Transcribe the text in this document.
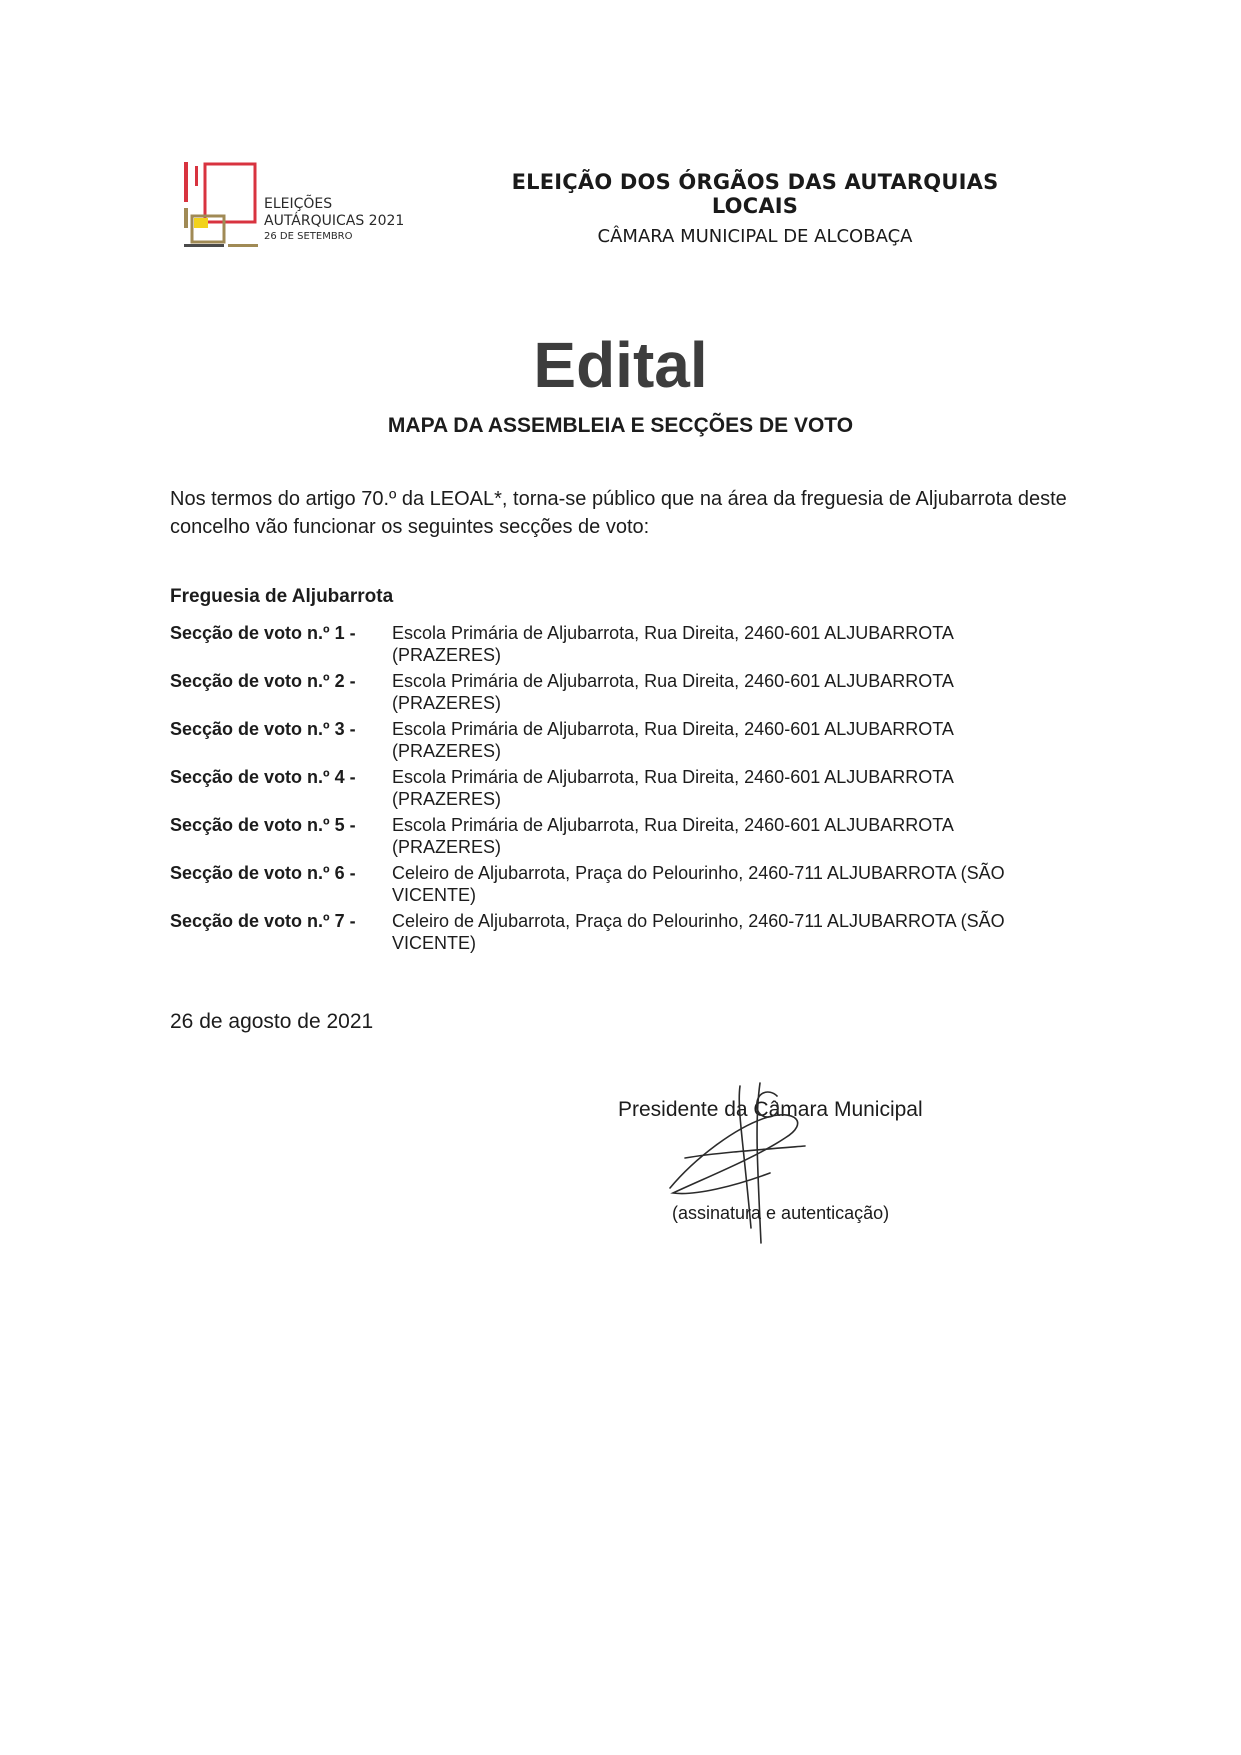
ELEIÇÕES
AUTÁRQUICAS 2021
26 DE SETEMBRO
ELEIÇÃO DOS ÓRGÃOS DAS AUTARQUIAS LOCAIS
CÂMARA MUNICIPAL DE ALCOBAÇA
Edital
MAPA DA ASSEMBLEIA E SECÇÕES DE VOTO
Nos termos do artigo 70.º da LEOAL*, torna-se público que na área da freguesia de Aljubarrota deste concelho vão funcionar os seguintes secções de voto:
Freguesia de Aljubarrota
Secção de voto n.º 1 -	Escola Primária de Aljubarrota, Rua Direita, 2460-601 ALJUBARROTA (PRAZERES)
Secção de voto n.º 2 -	Escola Primária de Aljubarrota, Rua Direita, 2460-601 ALJUBARROTA (PRAZERES)
Secção de voto n.º 3 -	Escola Primária de Aljubarrota, Rua Direita, 2460-601 ALJUBARROTA (PRAZERES)
Secção de voto n.º 4 -	Escola Primária de Aljubarrota, Rua Direita, 2460-601 ALJUBARROTA (PRAZERES)
Secção de voto n.º 5 -	Escola Primária de Aljubarrota, Rua Direita, 2460-601 ALJUBARROTA (PRAZERES)
Secção de voto n.º 6 -	Celeiro de Aljubarrota, Praça do Pelourinho, 2460-711 ALJUBARROTA (SÃO VICENTE)
Secção de voto n.º 7 -	Celeiro de Aljubarrota, Praça do Pelourinho, 2460-711 ALJUBARROTA (SÃO VICENTE)
26 de agosto de 2021
Presidente da Câmara Municipal
(assinatura e autenticação)
